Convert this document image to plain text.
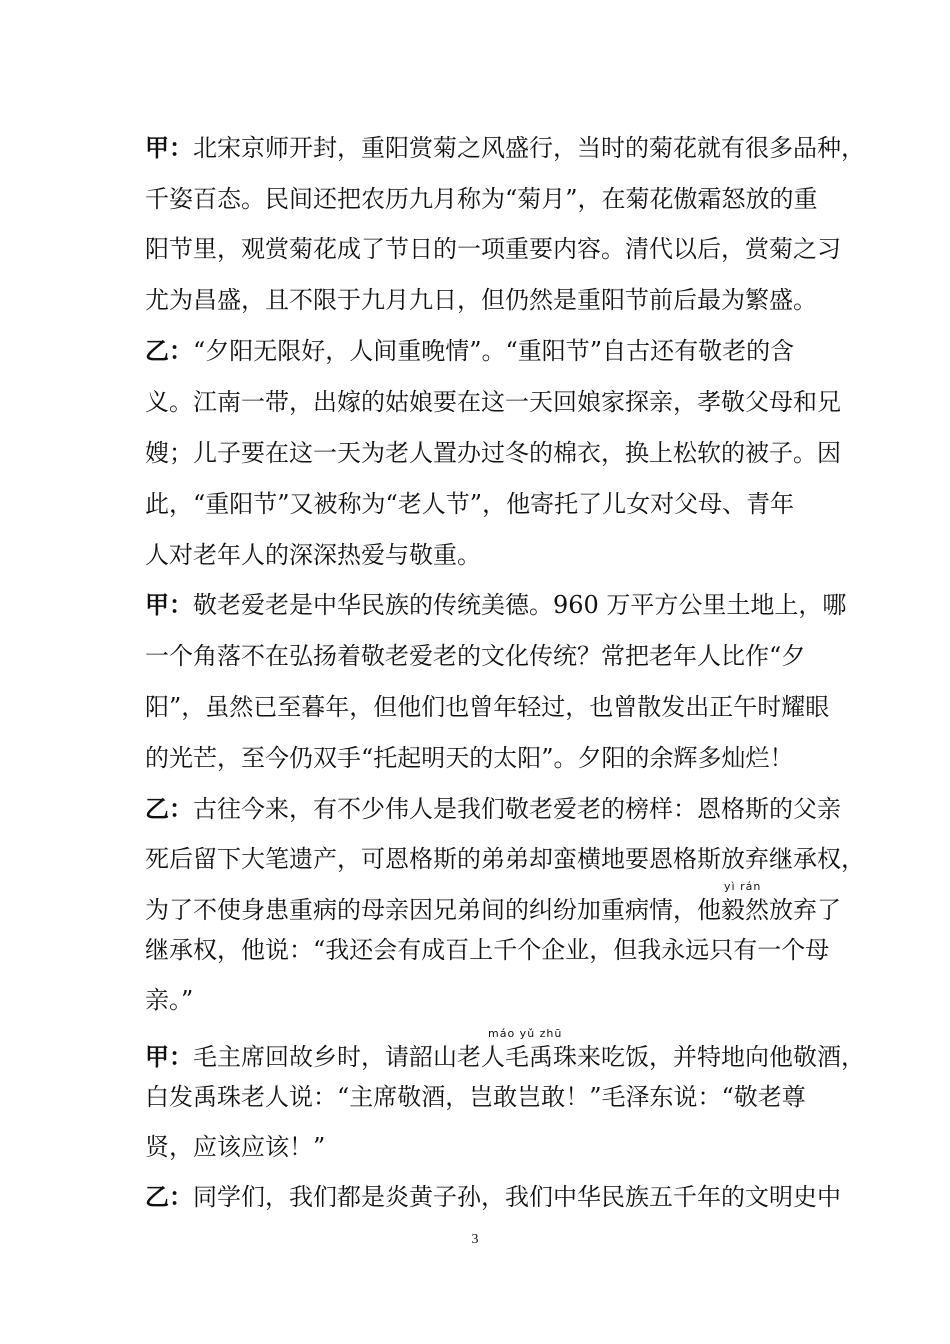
甲：北宋京师开封，重阳赏菊之风盛行，当时的菊花就有很多品种，
千姿百态。民间还把农历九月称为“菊月”，在菊花傲霜怒放的重
阳节里，观赏菊花成了节日的一项重要内容。清代以后，赏菊之习
尤为昌盛，且不限于九月九日，但仍然是重阳节前后最为繁盛。
乙：“夕阳无限好，人间重晚情”。“重阳节”自古还有敬老的含
义。江南一带，出嫁的姑娘要在这一天回娘家探亲，孝敬父母和兄
嫂；儿子要在这一天为老人置办过冬的棉衣，换上松软的被子。因
此，“重阳节”又被称为“老人节”，他寄托了儿女对父母、青年
人对老年人的深深热爱与敬重。
甲：敬老爱老是中华民族的传统美德。960 万平方公里土地上，哪
一个角落不在弘扬着敬老爱老的文化传统？常把老年人比作“夕
阳”，虽然已至暮年，但他们也曾年轻过，也曾散发出正午时耀眼
的光芒，至今仍双手“托起明天的太阳”。夕阳的余辉多灿烂！
乙：古往今来，有不少伟人是我们敬老爱老的榜样：恩格斯的父亲
死后留下大笔遗产，可恩格斯的弟弟却蛮横地要恩格斯放弃继承权，
yì rán
为了不使身患重病的母亲因兄弟间的纠纷加重病情，他毅然放弃了
继承权，他说：“我还会有成百上千个企业，但我永远只有一个母
亲。”
máo yǔ zhū
甲：毛主席回故乡时，请韶山老人毛禹珠来吃饭，并特地向他敬酒，
白发禹珠老人说：“主席敬酒，岂敢岂敢！”毛泽东说：“敬老尊
贤，应该应该！”
乙：同学们，我们都是炎黄子孙，我们中华民族五千年的文明史中
3
